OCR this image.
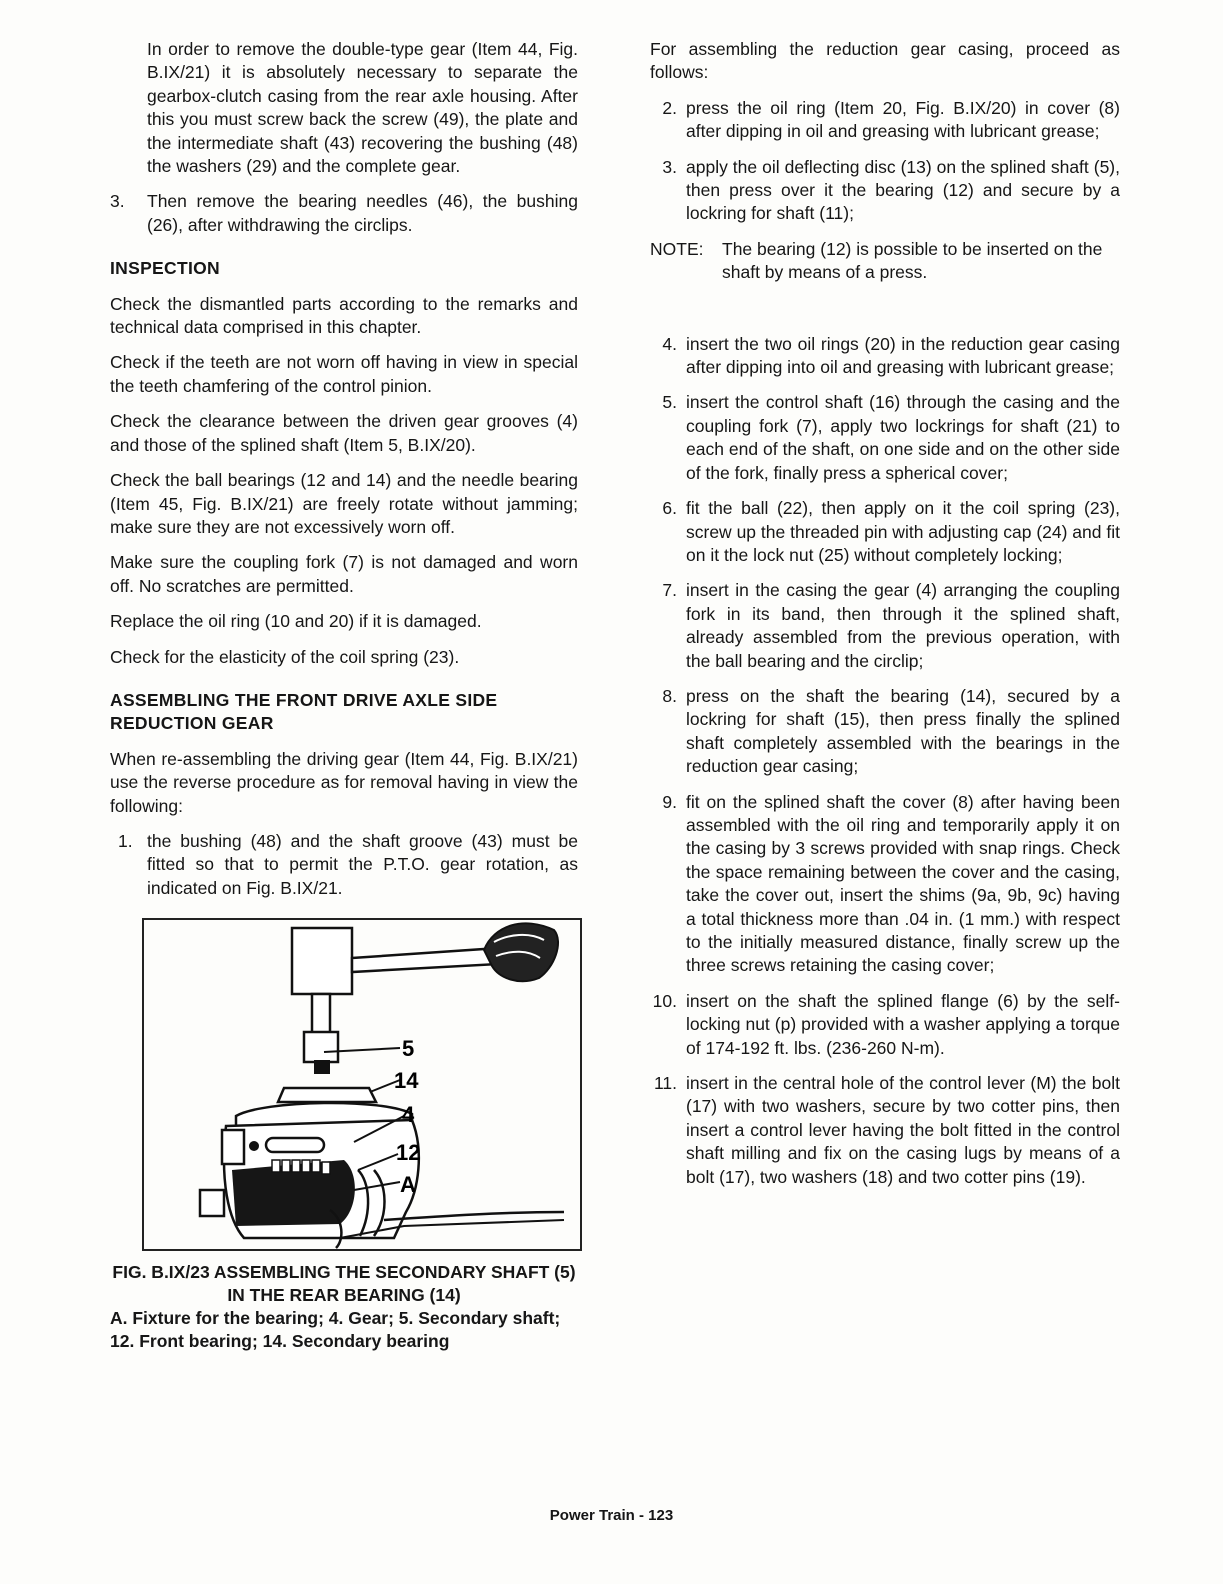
In order to remove the double-type gear (Item 44, Fig. B.IX/21) it is absolutely necessary to separate the gearbox-clutch casing from the rear axle housing. After this you must screw back the screw (49), the plate and the intermediate shaft (43) recovering the bushing (48) the washers (29) and the complete gear.

3.	Then remove the bearing needles (46), the bushing (26), after withdrawing the circlips.
INSPECTION

Check the dismantled parts according to the remarks and technical data comprised in this chapter.

Check if the teeth are not worn off having in view in special the teeth chamfering of the control pinion.

Check the clearance between the driven gear grooves (4) and those of the splined shaft (Item 5, B.IX/20).

Check the ball bearings (12 and 14) and the needle bearing (Item 45, Fig. B.IX/21) are freely rotate without jamming; make sure they are not excessively worn off.

Make sure the coupling fork (7) is not damaged and worn off. No scratches are permitted.

Replace the oil ring (10 and 20) if it is damaged.

Check for the elasticity of the coil spring (23).

ASSEMBLING THE FRONT DRIVE AXLE SIDE REDUCTION GEAR

When re-assembling the driving gear (Item 44, Fig. B.IX/21) use the reverse procedure as for removal having in view the following:

1. the bushing (48) and the shaft groove (43) must be fitted so that to permit the P.T.O. gear rotation, as indicated on Fig. B.IX/21.
5
14
4
12
A
FIG. B.IX/23 ASSEMBLING THE SECONDARY SHAFT (5) IN THE REAR BEARING (14)
A. Fixture for the bearing; 4. Gear; 5. Secondary shaft; 12. Front bearing; 14. Secondary bearing

For assembling the reduction gear casing, proceed as follows:

2. press the oil ring (Item 20, Fig. B.IX/20) in cover (8) after dipping in oil and greasing with lubricant grease;
3. apply the oil deflecting disc (13) on the splined shaft (5), then press over it the bearing (12) and secure by a lockring for shaft (11);
NOTE:	The bearing (12) is possible to be inserted on the shaft by means of a press.
4. insert the two oil rings (20) in the reduction gear casing after dipping into oil and greasing with lubricant grease;
5. insert the control shaft (16) through the casing and the coupling fork (7), apply two lockrings for shaft (21) to each end of the shaft, on one side and on the other side of the fork, finally press a spherical cover;
6. fit the ball (22), then apply on it the coil spring (23), screw up the threaded pin with adjusting cap (24) and fit on it the lock nut (25) without completely locking;
7. insert in the casing the gear (4) arranging the coupling fork in its band, then through it the splined shaft, already assembled from the previous operation, with the ball bearing and the circlip;
8. press on the shaft the bearing (14), secured by a lockring for shaft (15), then press finally the splined shaft completely assembled with the bearings in the reduction gear casing;
9. fit on the splined shaft the cover (8) after having been assembled with the oil ring and temporarily apply it on the casing by 3 screws provided with snap rings. Check the space remaining between the cover and the casing, take the cover out, insert the shims (9a, 9b, 9c) having a total thickness more than .04 in. (1 mm.) with respect to the initially measured distance, finally screw up the three screws retaining the casing cover;
10. insert on the shaft the splined flange (6) by the self-locking nut (p) provided with a washer applying a torque of 174-192 ft. lbs. (236-260 N-m).
11. insert in the central hole of the control lever (M) the bolt (17) with two washers, secure by two cotter pins, then insert a control lever having the bolt fitted in the control shaft milling and fix on the casing lugs by means of a bolt (17), two washers (18) and two cotter pins (19).
Power Train - 123
